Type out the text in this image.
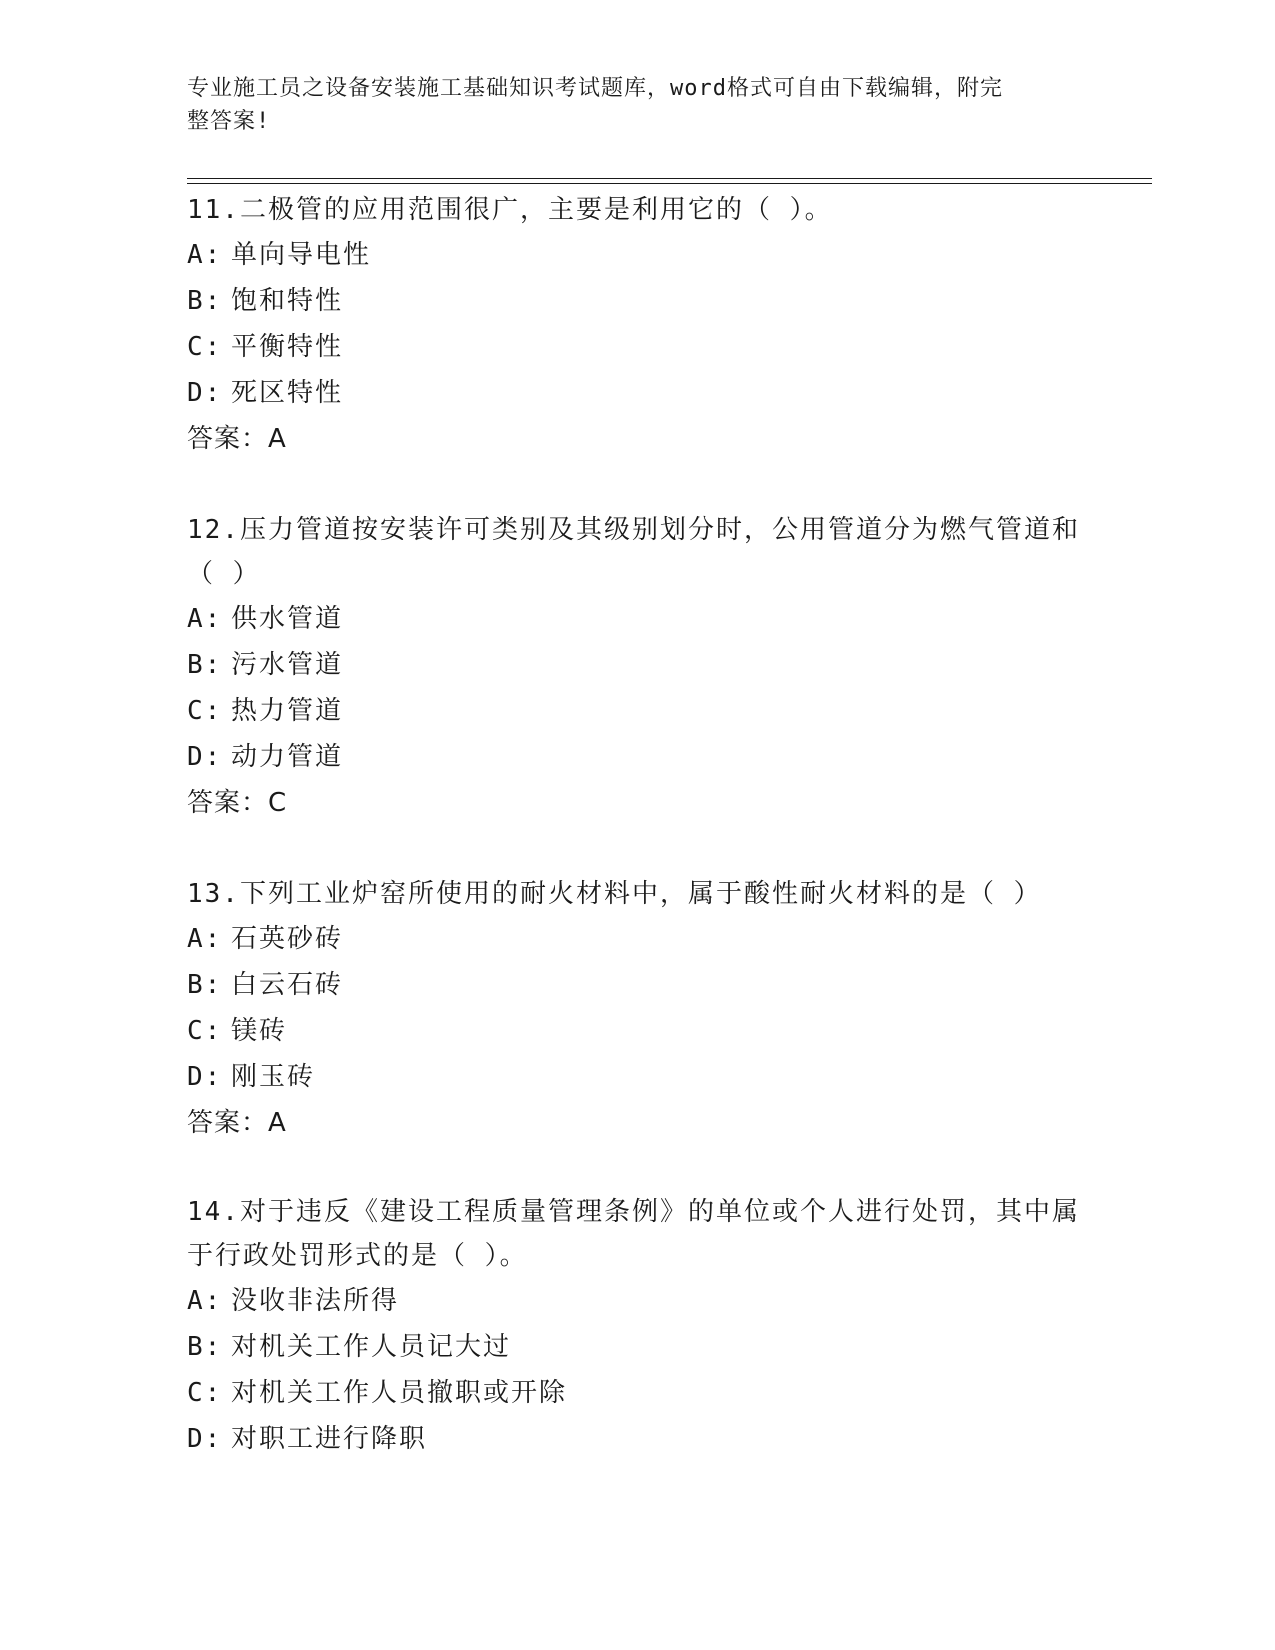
专业施工员之设备安装施工基础知识考试题库，word格式可自由下载编辑，附完
整答案!

11.二极管的应用范围很广，主要是利用它的（ ）。

A: 单向导电性

B: 饱和特性

C: 平衡特性

D: 死区特性

答案：A

12.压力管道按安装许可类别及其级别划分时，公用管道分为燃气管道和（ ）

A: 供水管道

B: 污水管道

C: 热力管道

D: 动力管道

答案：C

13.下列工业炉窑所使用的耐火材料中，属于酸性耐火材料的是（ ）

A: 石英砂砖

B: 白云石砖

C: 镁砖

D: 刚玉砖

答案：A

14.对于违反《建设工程质量管理条例》的单位或个人进行处罚，其中属于行政处罚形式的是（ ）。

A: 没收非法所得

B: 对机关工作人员记大过

C: 对机关工作人员撤职或开除

D: 对职工进行降职
